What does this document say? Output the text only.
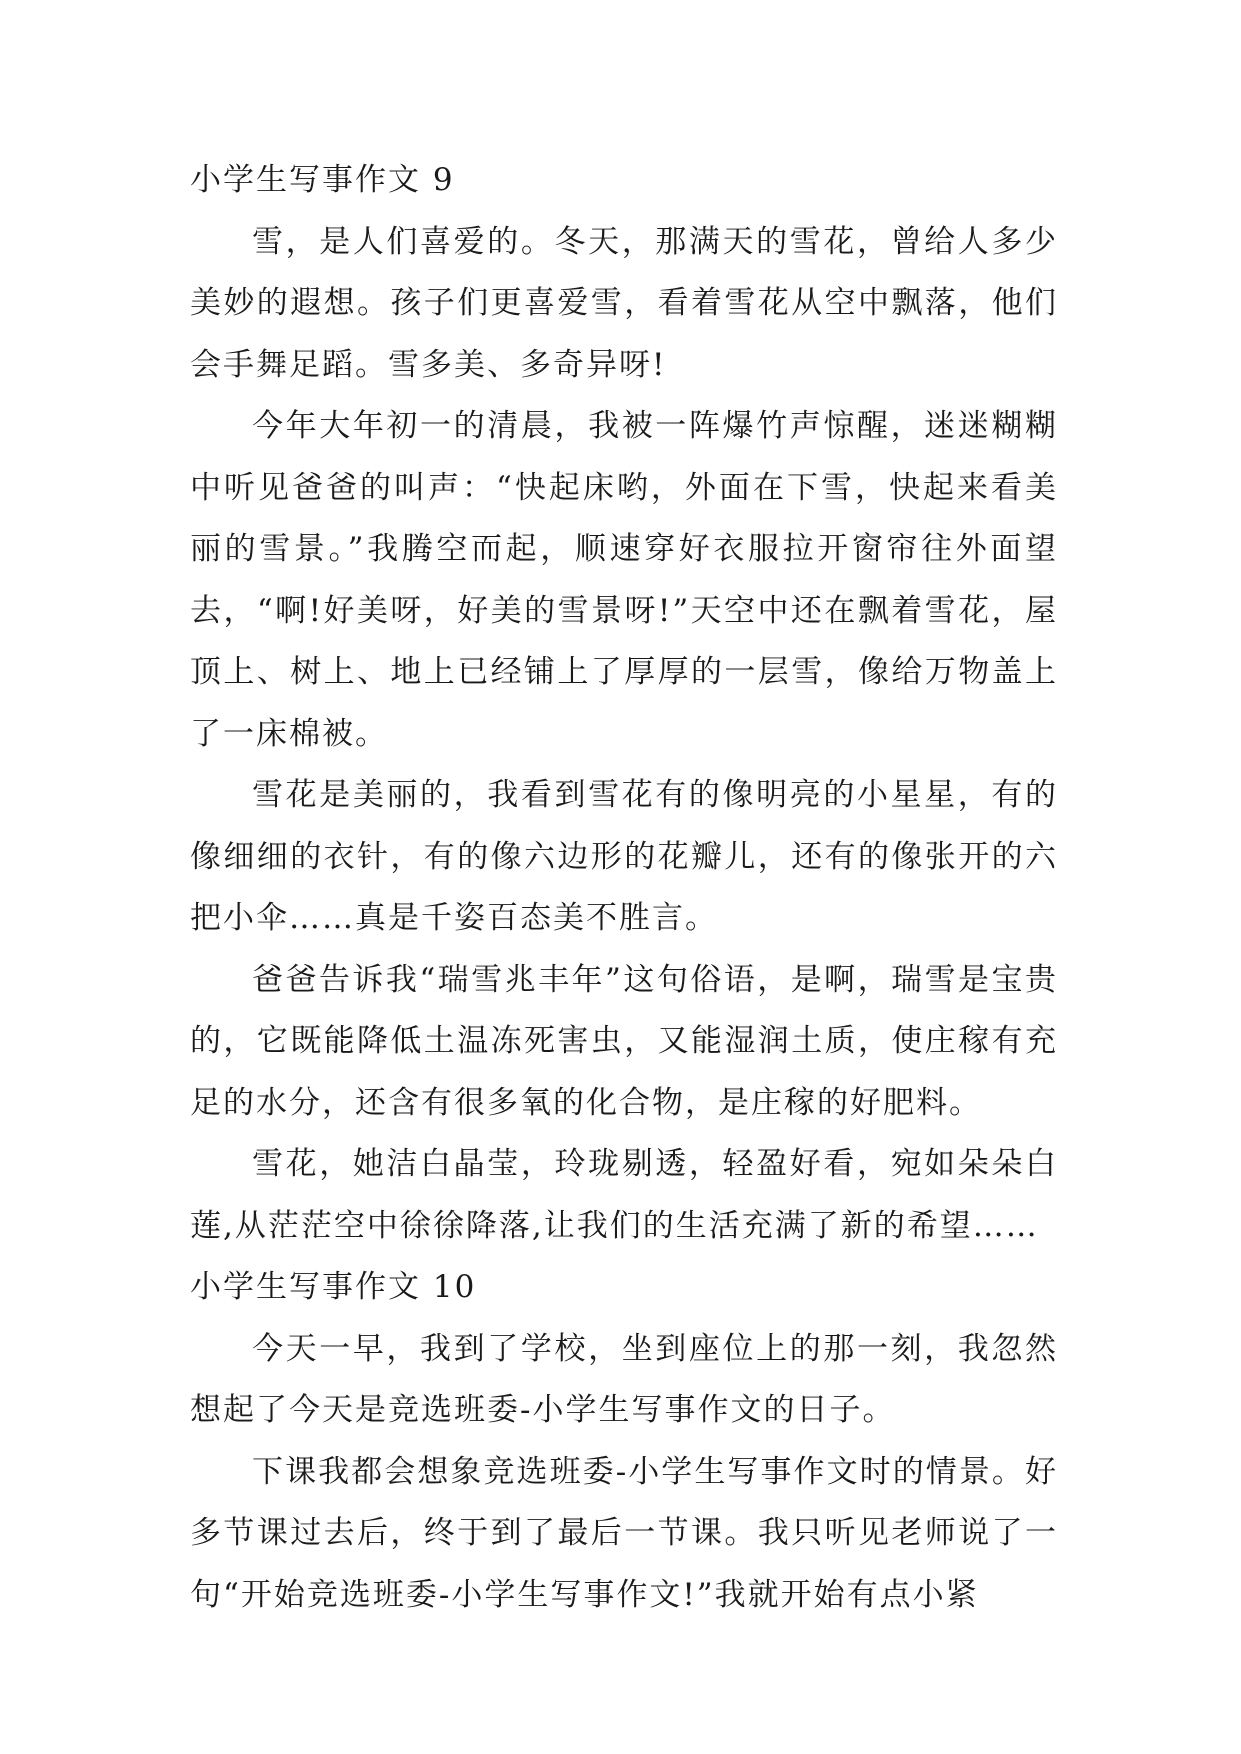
小学生写事作文 9

雪，是人们喜爱的。冬天，那满天的雪花，曾给人多少美妙的遐想。孩子们更喜爱雪，看着雪花从空中飘落，他们会手舞足蹈。雪多美、多奇异呀!

今年大年初一的清晨，我被一阵爆竹声惊醒，迷迷糊糊中听见爸爸的叫声：“快起床哟，外面在下雪，快起来看美丽的雪景。”我腾空而起，顺速穿好衣服拉开窗帘往外面望去，“啊!好美呀，好美的雪景呀!”天空中还在飘着雪花，屋顶上、树上、地上已经铺上了厚厚的一层雪，像给万物盖上了一床棉被。

雪花是美丽的，我看到雪花有的像明亮的小星星，有的像细细的衣针，有的像六边形的花瓣儿，还有的像张开的六把小伞……真是千姿百态美不胜言。

爸爸告诉我“瑞雪兆丰年”这句俗语，是啊，瑞雪是宝贵的，它既能降低土温冻死害虫，又能湿润土质，使庄稼有充足的水分，还含有很多氧的化合物，是庄稼的好肥料。

雪花，她洁白晶莹，玲珑剔透，轻盈好看，宛如朵朵白莲,从茫茫空中徐徐降落,让我们的生活充满了新的希望……

小学生写事作文 10

今天一早，我到了学校，坐到座位上的那一刻，我忽然想起了今天是竞选班委-小学生写事作文的日子。

下课我都会想象竞选班委-小学生写事作文时的情景。好多节课过去后，终于到了最后一节课。我只听见老师说了一句“开始竞选班委-小学生写事作文!”我就开始有点小紧
